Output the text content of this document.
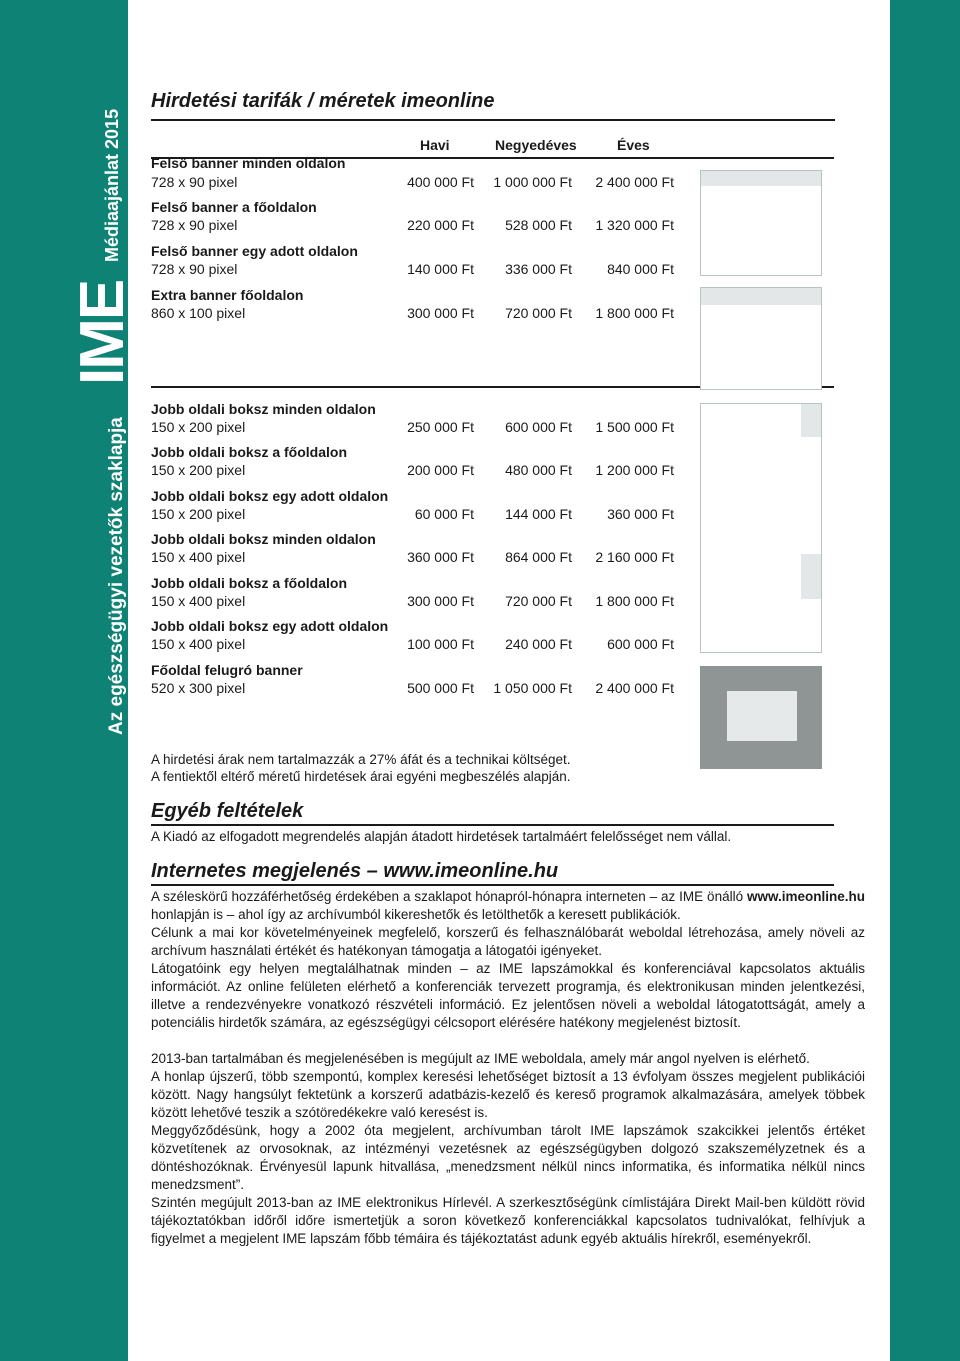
Médiaajánlat 2015
IME
Az egészségügyi vezetők szaklapja
Hirdetési tarifák / méretek imeonline
Havi	Negyedéves	Éves
Felső banner minden oldalon
728 x 90 pixel	400 000 Ft	1 000 000 Ft	2 400 000 Ft
Felső banner a főoldalon
728 x 90 pixel	220 000 Ft	528 000 Ft	1 320 000 Ft
Felső banner egy adott oldalon
728 x 90 pixel	140 000 Ft	336 000 Ft	840 000 Ft
Extra banner főoldalon
860 x 100 pixel	300 000 Ft	720 000 Ft	1 800 000 Ft
Jobb oldali boksz minden oldalon
150 x 200 pixel	250 000 Ft	600 000 Ft	1 500 000 Ft
Jobb oldali boksz a főoldalon
150 x 200 pixel	200 000 Ft	480 000 Ft	1 200 000 Ft
Jobb oldali boksz egy adott oldalon
150 x 200 pixel	60 000 Ft	144 000 Ft	360 000 Ft
Jobb oldali boksz minden oldalon
150 x 400 pixel	360 000 Ft	864 000 Ft	2 160 000 Ft
Jobb oldali boksz a főoldalon
150 x 400 pixel	300 000 Ft	720 000 Ft	1 800 000 Ft
Jobb oldali boksz egy adott oldalon
150 x 400 pixel	100 000 Ft	240 000 Ft	600 000 Ft
Főoldal felugró banner
520 x 300 pixel	500 000 Ft	1 050 000 Ft	2 400 000 Ft
A hirdetési árak nem tartalmazzák a 27% áfát és a technikai költséget.
A fentiektől eltérő méretű hirdetések árai egyéni megbeszélés alapján.
Egyéb feltételek
A Kiadó az elfogadott megrendelés alapján átadott hirdetések tartalmáért felelősséget nem vállal.
Internetes megjelenés – www.imeonline.hu

A széleskörű hozzáférhetőség érdekében a szaklapot hónapról-hónapra interneten – az IME önálló www.imeonline.hu honlapján is – ahol így az archívumból kikereshetők és letölthetők a keresett publikációk.

Célunk a mai kor követelményeinek megfelelő, korszerű és felhasználóbarát weboldal létrehozása, amely növeli az archívum használati értékét és hatékonyan támogatja a látogatói igényeket.

Látogatóink egy helyen megtalálhatnak minden – az IME lapszámokkal és konferenciával kapcsolatos aktuális információt. Az online felületen elérhető a konferenciák tervezett programja, és elektronikusan minden jelentkezési, illetve a rendezvényekre vonatkozó részvételi információ. Ez jelentősen növeli a weboldal látogatottságát, amely a potenciális hirdetők számára, az egészségügyi célcsoport elérésére hatékony megjelenést biztosít.

2013-ban tartalmában és megjelenésében is megújult az IME weboldala, amely már angol nyelven is elérhető.

A honlap újszerű, több szempontú, komplex keresési lehetőséget biztosít a 13 évfolyam összes megjelent publikációi között. Nagy hangsúlyt fektetünk a korszerű adatbázis-kezelő és kereső programok alkalmazására, amelyek többek között lehetővé teszik a szótöredékekre való keresést is.

Meggyőződésünk, hogy a 2002 óta megjelent, archívumban tárolt IME lapszámok szakcikkei jelentős értéket közvetítenek az orvosoknak, az intézményi vezetésnek az egészségügyben dolgozó szakszemélyzetnek és a döntéshozóknak. Érvényesül lapunk hitvallása, „menedzsment nélkül nincs informatika, és informatika nélkül nincs menedzsment”.

Szintén megújult 2013-ban az IME elektronikus Hírlevél. A szerkesztőségünk címlistájára Direkt Mail-ben küldött rövid tájékoztatókban időről időre ismertetjük a soron következő konferenciákkal kapcsolatos tudnivalókat, felhívjuk a figyelmet a megjelent IME lapszám főbb témáira és tájékoztatást adunk egyéb aktuális hírekről, eseményekről.
